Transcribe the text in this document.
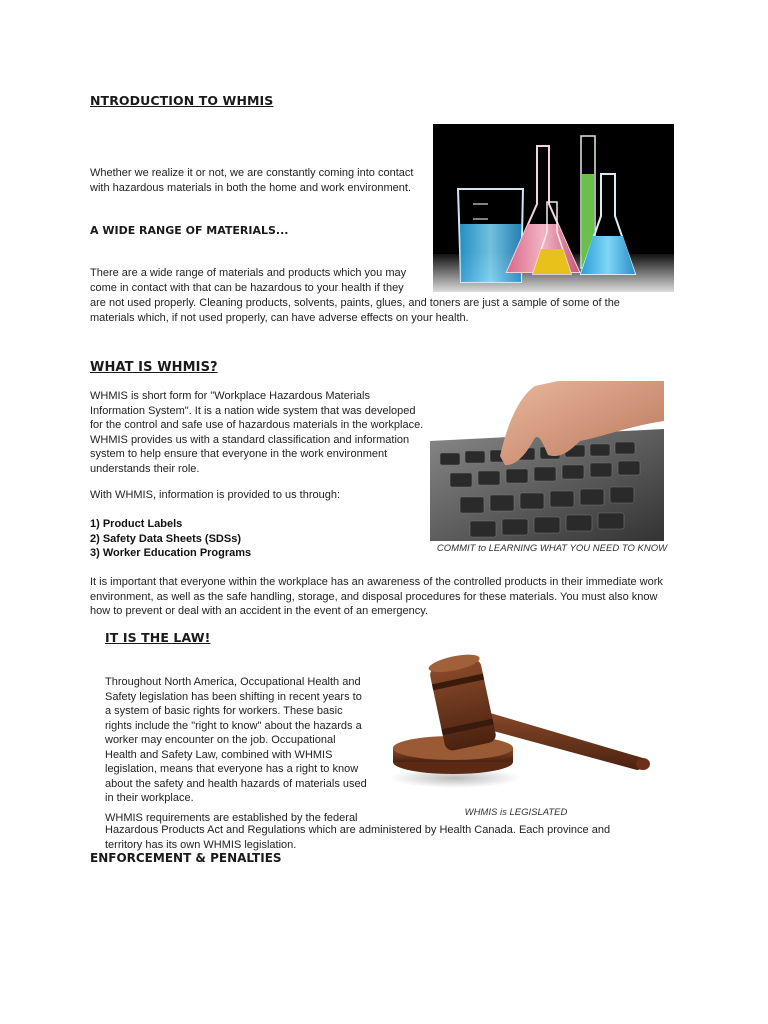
NTRODUCTION TO WHMIS
Whether we realize it or not, we are constantly coming into contact with hazardous materials in both the home and work environment.
A WIDE RANGE OF MATERIALS...
There are a wide range of materials and products which you may come in contact with that can be hazardous to your health if they
are not used properly. Cleaning products, solvents, paints, glues, and toners are just a sample of some of the materials which, if not used properly, can have adverse effects on your health.
WHAT IS WHMIS?
WHMIS is short form for "Workplace Hazardous Materials Information System". It is a nation wide system that was developed for the control and safe use of hazardous materials in the workplace. WHMIS provides us with a standard classification and information system to help ensure that everyone in the work environment understands their role.
With WHMIS, information is provided to us through:
1) Product Labels
2) Safety Data Sheets (SDSs)
3) Worker Education Programs	COMMIT to LEARNING WHAT YOU NEED TO KNOW
It is important that everyone within the workplace has an awareness of the controlled products in their immediate work environment, as well as the safe handling, storage, and disposal procedures for these materials. You must also know how to prevent or deal with an accident in the event of an emergency.
IT IS THE LAW!
Throughout North America, Occupational Health and Safety legislation has been shifting in recent years to a system of basic rights for workers. These basic rights include the "right to know" about the hazards a worker may encounter on the job. Occupational Health and Safety Law, combined with WHMIS legislation, means that everyone has a right to know about the safety and health hazards of materials used in their workplace.
WHMIS is LEGISLATED
WHMIS requirements are established by the federal
Hazardous Products Act and Regulations which are administered by Health Canada. Each province and territory has its own WHMIS legislation.
ENFORCEMENT & PENALTIES
